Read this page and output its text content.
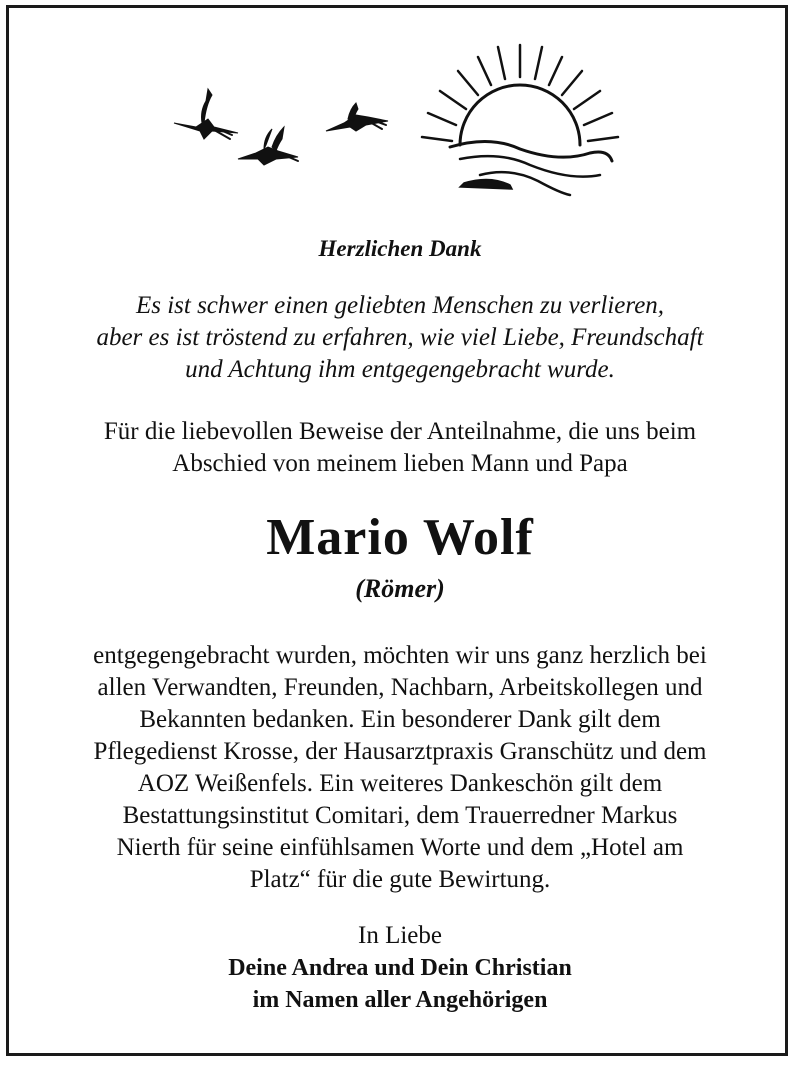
Herzlichen Dank
Es ist schwer einen geliebten Menschen zu verlieren,
aber es ist tröstend zu erfahren, wie viel Liebe, Freundschaft
und Achtung ihm entgegengebracht wurde.
Für die liebevollen Beweise der Anteilnahme, die uns beim
Abschied von meinem lieben Mann und Papa
Mario Wolf
(Römer)
entgegengebracht wurden, möchten wir uns ganz herzlich bei
allen Verwandten, Freunden, Nachbarn, Arbeitskollegen und
Bekannten bedanken. Ein besonderer Dank gilt dem
Pflegedienst Krosse, der Hausarztpraxis Granschütz und dem
AOZ Weißenfels. Ein weiteres Dankeschön gilt dem
Bestattungsinstitut Comitari, dem Trauerredner Markus
Nierth für seine einfühlsamen Worte und dem „Hotel am
Platz“ für die gute Bewirtung.
In Liebe
Deine Andrea und Dein Christian
im Namen aller Angehörigen
